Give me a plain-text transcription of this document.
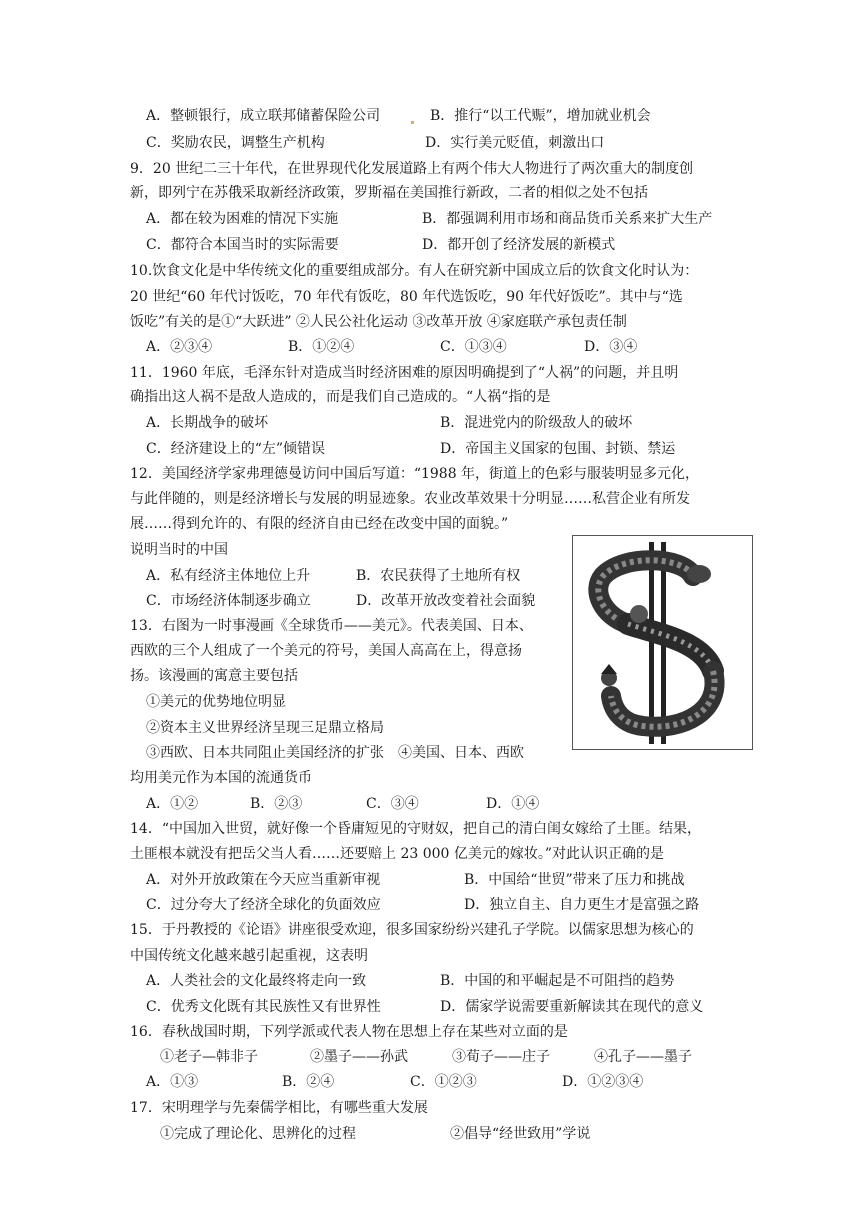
A．整顿银行，成立联邦储蓄保险公司	B．推行“以工代赈”，增加就业机会
C．奖励农民，调整生产机构	D．实行美元贬值，刺激出口
9．20 世纪二三十年代，在世界现代化发展道路上有两个伟大人物进行了两次重大的制度创
新，即列宁在苏俄采取新经济政策，罗斯福在美国推行新政，二者的相似之处不包括
A．都在较为困难的情况下实施	B．都强调利用市场和商品货币关系来扩大生产
C．都符合本国当时的实际需要	D．都开创了经济发展的新模式
10.饮食文化是中华传统文化的重要组成部分。有人在研究新中国成立后的饮食文化时认为：
20 世纪“60 年代讨饭吃，70 年代有饭吃，80 年代选饭吃，90 年代好饭吃”。其中与“选
饭吃”有关的是①“大跃进” ②人民公社化运动 ③改革开放 ④家庭联产承包责任制
A．②③④	B．①②④	C．①③④	D．③④
11．1960 年底，毛泽东针对造成当时经济困难的原因明确提到了“人祸”的问题，并且明
确指出这人祸不是敌人造成的，而是我们自己造成的。“人祸“指的是
A．长期战争的破坏	B．混进党内的阶级敌人的破坏
C．经济建设上的“左”倾错误	D．帝国主义国家的包围、封锁、禁运
12．美国经济学家弗理德曼访问中国后写道：“1988 年，街道上的色彩与服装明显多元化，
与此伴随的，则是经济增长与发展的明显迹象。农业改革效果十分明显……私营企业有所发
展……得到允许的、有限的经济自由已经在改变中国的面貌。”
说明当时的中国
A．私有经济主体地位上升	B．农民获得了土地所有权
C．市场经济体制逐步确立	D．改革开放改变着社会面貌
13．右图为一时事漫画《全球货币——美元》。代表美国、日本、
西欧的三个人组成了一个美元的符号，美国人高高在上，得意扬
扬。该漫画的寓意主要包括
①美元的优势地位明显
②资本主义世界经济呈现三足鼎立格局
③西欧、日本共同阻止美国经济的扩张　④美国、日本、西欧
均用美元作为本国的流通货币
A．①②	B．②③	C．③④	D．①④
14．“中国加入世贸，就好像一个昏庸短见的守财奴，把自己的清白闺女嫁给了土匪。结果，
土匪根本就没有把岳父当人看……还要赔上 23 000 亿美元的嫁妆。”对此认识正确的是
A．对外开放政策在今天应当重新审视	B．中国给“世贸”带来了压力和挑战
C．过分夸大了经济全球化的负面效应	D．独立自主、自力更生才是富强之路
15．于丹教授的《论语》讲座很受欢迎，很多国家纷纷兴建孔子学院。以儒家思想为核心的
中国传统文化越来越引起重视，这表明
A．人类社会的文化最终将走向一致	B．中国的和平崛起是不可阻挡的趋势
C．优秀文化既有其民族性又有世界性	D．儒家学说需要重新解读其在现代的意义
16．春秋战国时期，下列学派或代表人物在思想上存在某些对立面的是
①老子—韩非子	②墨子——孙武	③荀子——庄子	④孔子——墨子
A．①③	B．②④	C．①②③	D．①②③④
17．宋明理学与先秦儒学相比，有哪些重大发展
①完成了理论化、思辨化的过程	②倡导“经世致用”学说
